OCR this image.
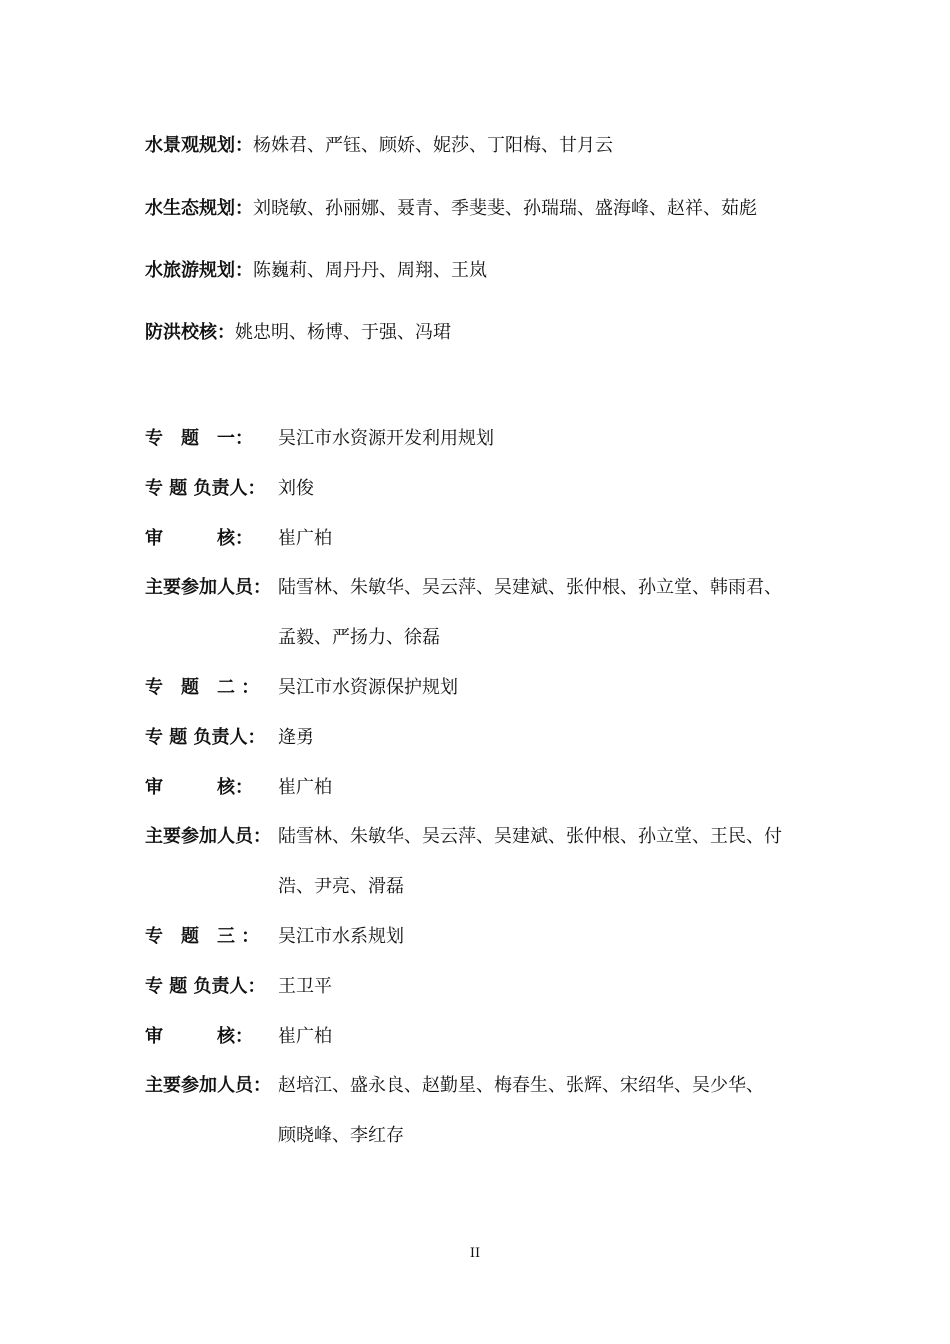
水景观规划：杨姝君、严钰、顾娇、妮莎、丁阳梅、甘月云
水生态规划：刘晓敏、孙丽娜、聂青、季斐斐、孙瑞瑞、盛海峰、赵祥、茹彪
水旅游规划：陈巍莉、周丹丹、周翔、王岚
防洪校核：姚忠明、杨博、于强、冯珺
专　题　一： 吴江市水资源开发利用规划
专 题 负责人： 刘俊
审　　　核： 崔广柏
主要参加人员： 陆雪林、朱敏华、吴云萍、吴建斌、张仲根、孙立堂、韩雨君、
孟毅、严扬力、徐磊
专　题　二 ： 吴江市水资源保护规划
专 题 负责人： 逄勇
审　　　核： 崔广柏
主要参加人员： 陆雪林、朱敏华、吴云萍、吴建斌、张仲根、孙立堂、王民、付
浩、尹亮、滑磊
专　题　三 ： 吴江市水系规划
专 题 负责人： 王卫平
审　　　核： 崔广柏
主要参加人员： 赵培江、盛永良、赵勤星、梅春生、张辉、宋绍华、吴少华、
顾晓峰、李红存
II
